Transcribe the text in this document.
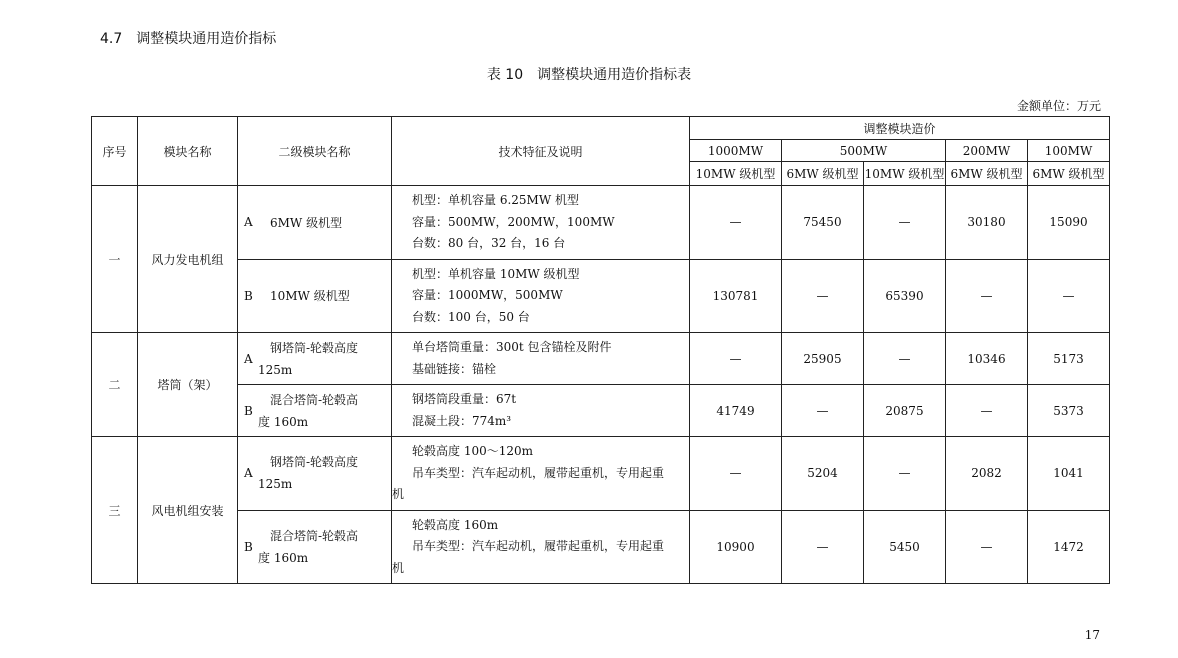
4.7 调整模块通用造价指标
表 10 调整模块通用造价指标表
金额单位：万元
序号	模块名称	二级模块名称	技术特征及说明	调整模块造价				
				1000MW	500MW		200MW	100MW
				10MW 级机型	6MW 级机型	10MW 级机型	6MW 级机型	6MW 级机型
一	风力发电机组	A 6MW 级机型	机型：单机容量 6.25MW 机型
容量：500MW，200MW，100MW
台数：80 台，32 台，16 台	—	75450	—	30180	15090
		B 10MW 级机型	机型：单机容量 10MW 级机型
容量：1000MW，500MW
台数：100 台，50 台	130781	—	65390	—	—
二	塔筒（架）	A钢塔筒-轮毂高度 125m	单台塔筒重量：300t 包含锚栓及附件
基础链接：锚栓	—	25905	—	10346	5173
		B混合塔筒-轮毂高度 160m	钢塔筒段重量：67t
混凝土段：774m³	41749	—	20875	—	5373
三	风电机组安装	A钢塔筒-轮毂高度 125m	轮毂高度 100～120m
吊车类型：汽车起动机，履带起重机，专用起重
机	—	5204	—	2082	1041
		B混合塔筒-轮毂高度 160m	轮毂高度 160m
吊车类型：汽车起动机，履带起重机，专用起重
机	10900	—	5450	—	1472
17
